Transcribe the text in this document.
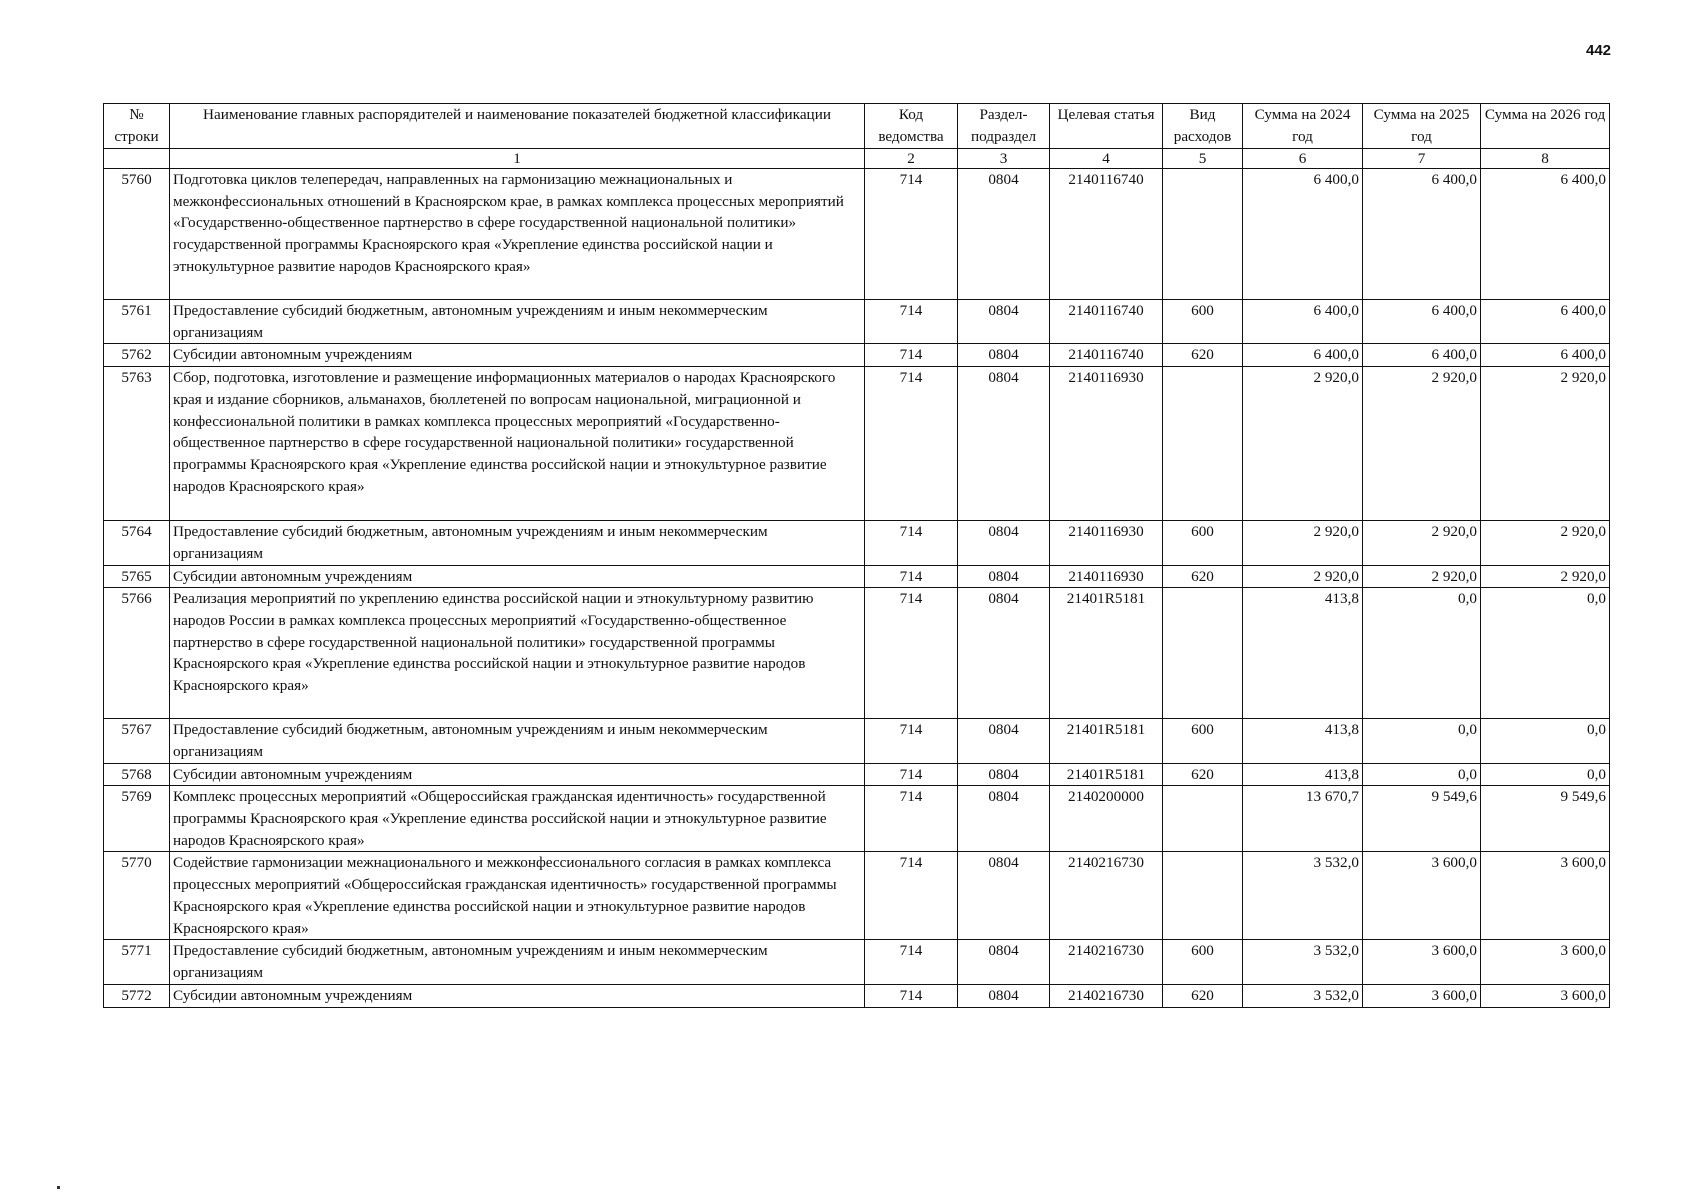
442
№ строки	Наименование главных распорядителей и наименование показателей бюджетной классификации	Код ведомства	Раздел-подраздел	Целевая статья	Вид расходов	Сумма на 2024 год	Сумма на 2025 год	Сумма на 2026 год
	1	2	3	4	5	6	7	8
5760	Подготовка циклов телепередач, направленных на гармонизацию межнациональных и межконфессиональных отношений в Красноярском крае, в рамках комплекса процессных мероприятий «Государственно-общественное партнерство в сфере государственной национальной политики» государственной программы Красноярского края «Укрепление единства российской нации и этнокультурное развитие народов Красноярского края»	714	0804	2140116740		6 400,0	6 400,0	6 400,0
5761	Предоставление субсидий бюджетным, автономным учреждениям и иным некоммерческим организациям	714	0804	2140116740	600	6 400,0	6 400,0	6 400,0
5762	Субсидии автономным учреждениям	714	0804	2140116740	620	6 400,0	6 400,0	6 400,0
5763	Сбор, подготовка, изготовление и размещение информационных материалов о народах Красноярского края и издание сборников, альманахов, бюллетеней по вопросам национальной, миграционной и конфессиональной политики в рамках комплекса процессных мероприятий «Государственно-общественное партнерство в сфере государственной национальной политики» государственной программы Красноярского края «Укрепление единства российской нации и этнокультурное развитие народов Красноярского края»	714	0804	2140116930		2 920,0	2 920,0	2 920,0
5764	Предоставление субсидий бюджетным, автономным учреждениям и иным некоммерческим организациям	714	0804	2140116930	600	2 920,0	2 920,0	2 920,0
5765	Субсидии автономным учреждениям	714	0804	2140116930	620	2 920,0	2 920,0	2 920,0
5766	Реализация мероприятий по укреплению единства российской нации и этнокультурному развитию народов России в рамках комплекса процессных мероприятий «Государственно-общественное партнерство в сфере государственной национальной политики» государственной программы Красноярского края «Укрепление единства российской нации и этнокультурное развитие народов Красноярского края»	714	0804	21401R5181		413,8	0,0	0,0
5767	Предоставление субсидий бюджетным, автономным учреждениям и иным некоммерческим организациям	714	0804	21401R5181	600	413,8	0,0	0,0
5768	Субсидии автономным учреждениям	714	0804	21401R5181	620	413,8	0,0	0,0
5769	Комплекс процессных мероприятий «Общероссийская гражданская идентичность» государственной программы Красноярского края «Укрепление единства российской нации и этнокультурное развитие народов Красноярского края»	714	0804	2140200000		13 670,7	9 549,6	9 549,6
5770	Содействие гармонизации межнационального и межконфессионального согласия в рамках комплекса процессных мероприятий «Общероссийская гражданская идентичность» государственной программы Красноярского края «Укрепление единства российской нации и этнокультурное развитие народов Красноярского края»	714	0804	2140216730		3 532,0	3 600,0	3 600,0
5771	Предоставление субсидий бюджетным, автономным учреждениям и иным некоммерческим организациям	714	0804	2140216730	600	3 532,0	3 600,0	3 600,0
5772	Субсидии автономным учреждениям	714	0804	2140216730	620	3 532,0	3 600,0	3 600,0
